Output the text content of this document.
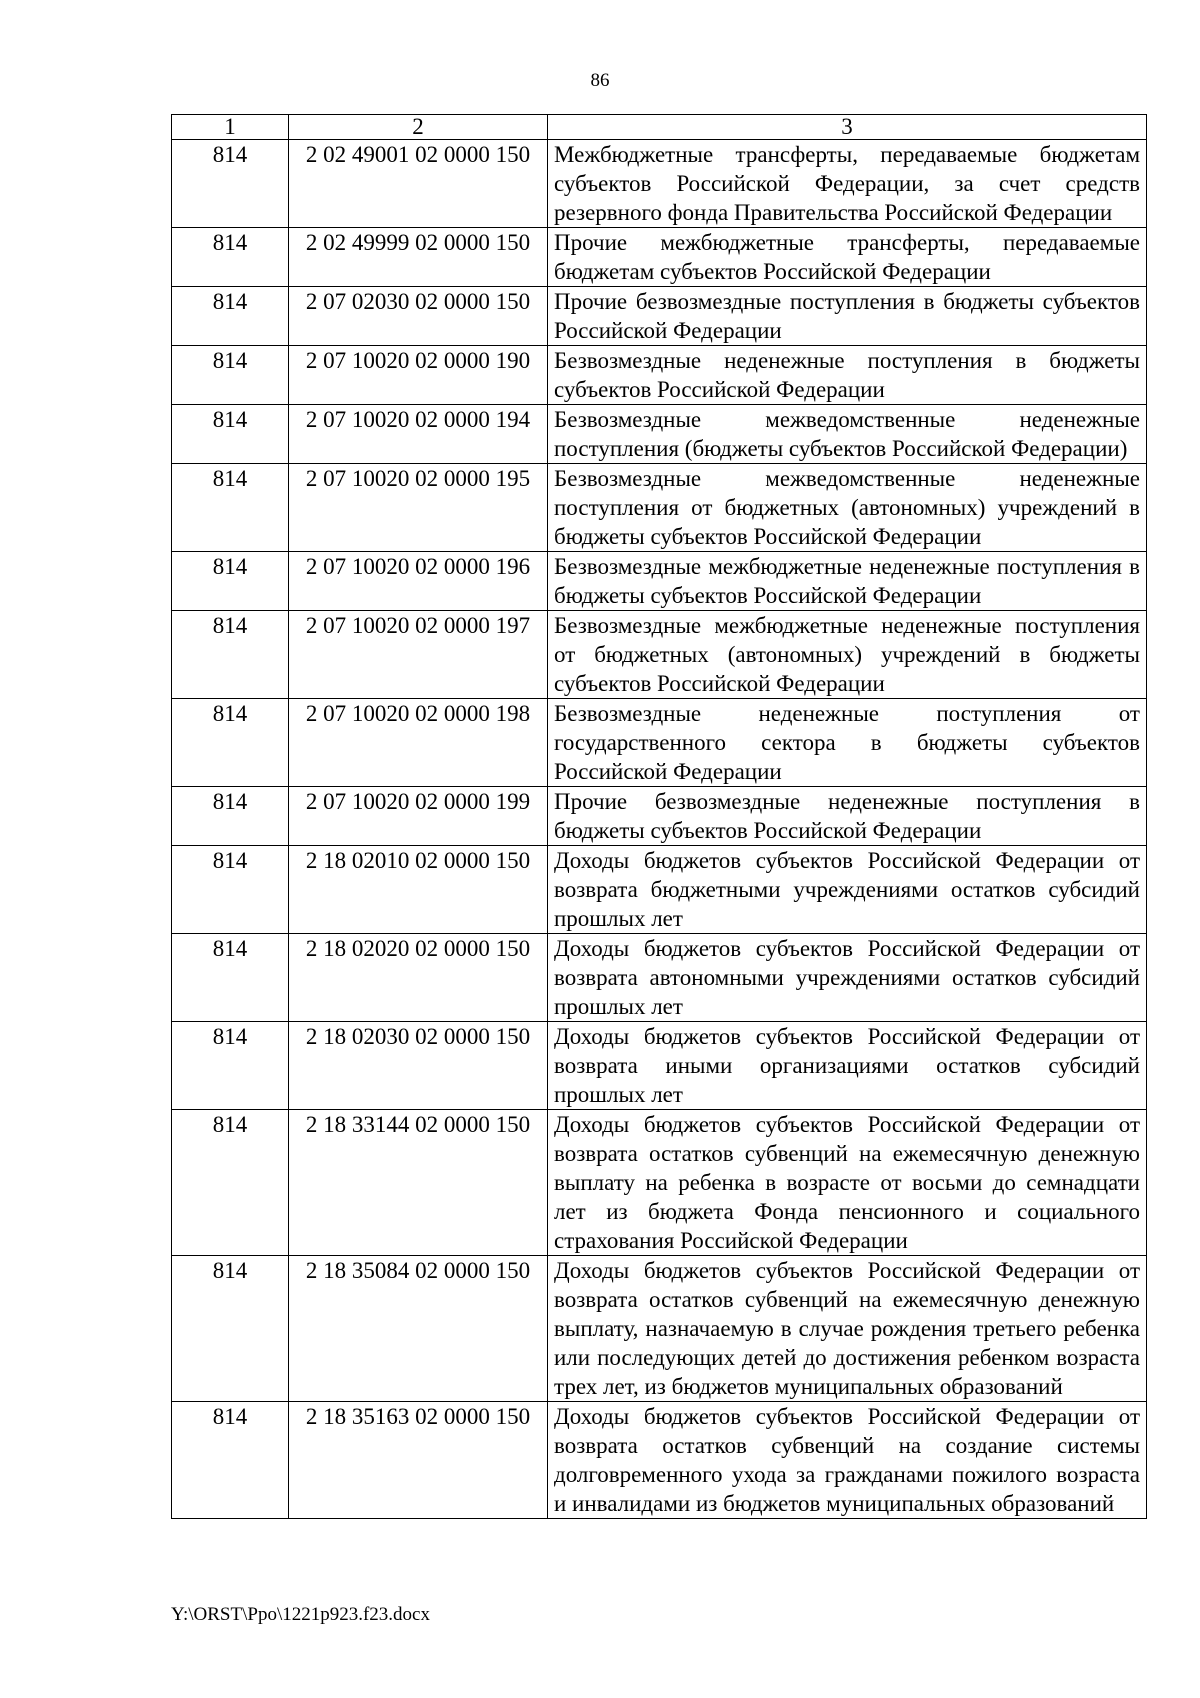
86
1	2	3
814	2 02 49001 02 0000 150	Межбюджетные трансферты, передаваемые бюджетам субъектов Российской Федерации, за счет средств резервного фонда Правительства Российской Федерации
814	2 02 49999 02 0000 150	Прочие межбюджетные трансферты, передаваемые бюджетам субъектов Российской Федерации
814	2 07 02030 02 0000 150	Прочие безвозмездные поступления в бюджеты субъектов Российской Федерации
814	2 07 10020 02 0000 190	Безвозмездные неденежные поступления в бюджеты субъектов Российской Федерации
814	2 07 10020 02 0000 194	Безвозмездные межведомственные неденежные поступления (бюджеты субъектов Российской Федерации)
814	2 07 10020 02 0000 195	Безвозмездные межведомственные неденежные поступления от бюджетных (автономных) учреждений в бюджеты субъектов Российской Федерации
814	2 07 10020 02 0000 196	Безвозмездные межбюджетные неденежные поступления в бюджеты субъектов Российской Федерации
814	2 07 10020 02 0000 197	Безвозмездные межбюджетные неденежные поступления от бюджетных (автономных) учреждений в бюджеты субъектов Российской Федерации
814	2 07 10020 02 0000 198	Безвозмездные неденежные поступления от государственного сектора в бюджеты субъектов Российской Федерации
814	2 07 10020 02 0000 199	Прочие безвозмездные неденежные поступления в бюджеты субъектов Российской Федерации
814	2 18 02010 02 0000 150	Доходы бюджетов субъектов Российской Федерации от возврата бюджетными учреждениями остатков субсидий прошлых лет
814	2 18 02020 02 0000 150	Доходы бюджетов субъектов Российской Федерации от возврата автономными учреждениями остатков субсидий прошлых лет
814	2 18 02030 02 0000 150	Доходы бюджетов субъектов Российской Федерации от возврата иными организациями остатков субсидий прошлых лет
814	2 18 33144 02 0000 150	Доходы бюджетов субъектов Российской Федерации от возврата остатков субвенций на ежемесячную денежную выплату на ребенка в возрасте от восьми до семнадцати лет из бюджета Фонда пенсионного и социального страхования Российской Федерации
814	2 18 35084 02 0000 150	Доходы бюджетов субъектов Российской Федерации от возврата остатков субвенций на ежемесячную денежную выплату, назначаемую в случае рождения третьего ребенка или последующих детей до достижения ребенком возраста трех лет, из бюджетов муниципальных образований
814	2 18 35163 02 0000 150	Доходы бюджетов субъектов Российской Федерации от возврата остатков субвенций на создание системы долговременного ухода за гражданами пожилого возраста и инвалидами из бюджетов муниципальных образований
Y:\ORST\Ppo\1221p923.f23.docx
